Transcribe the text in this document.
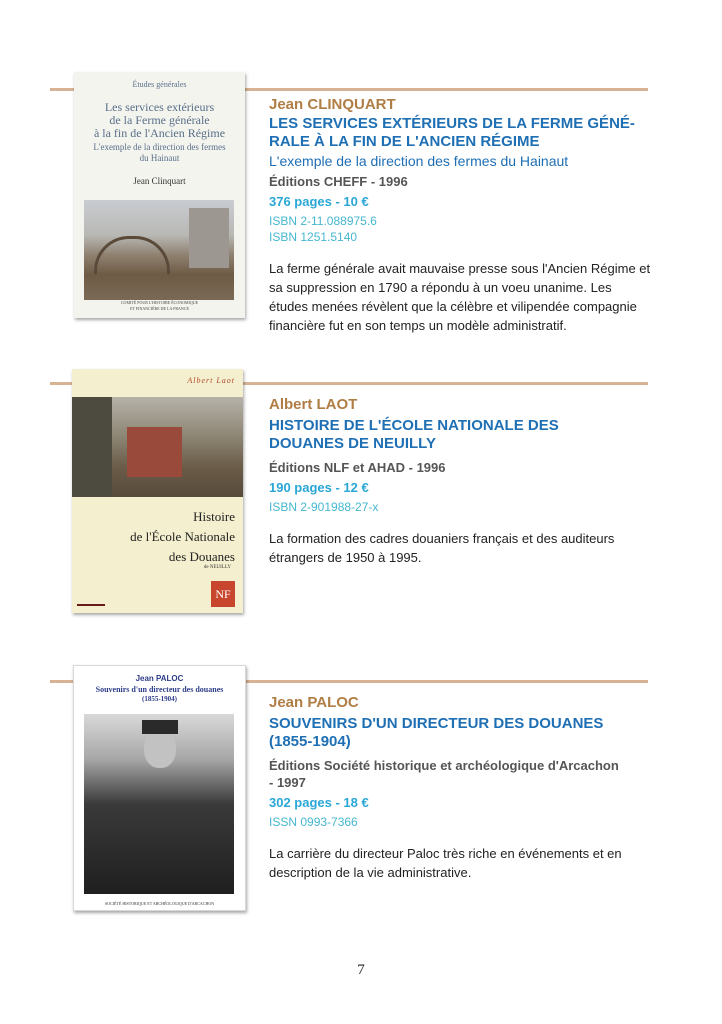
Études générales
Les services extérieurs
de la Ferme générale
à la fin de l'Ancien Régime
L'exemple de la direction des fermes
du Hainaut
Jean Clinquart
COMITÉ POUR L'HISTOIRE ÉCONOMIQUE
ET FINANCIÈRE DE LA FRANCE
Jean CLINQUART
LES SERVICES EXTÉRIEURS DE LA FERME GÉNÉ-
RALE À LA FIN DE L'ANCIEN RÉGIME
L'exemple de la direction des fermes du Hainaut
Éditions CHEFF - 1996
376 pages - 10 €
ISBN 2-11.088975.6
ISBN 1251.5140
La ferme générale avait mauvaise presse sous l'Ancien Régime et sa suppression en 1790 a répondu à un voeu unanime. Les études menées révèlent que la célèbre et vilipendée compagnie financière fut en son temps un modèle administratif.
Albert Laot
Histoire
de l'École Nationale
des Douanes
de NEUILLY
NF
Albert LAOT
HISTOIRE DE L'ÉCOLE NATIONALE DES
DOUANES DE NEUILLY
Éditions NLF et AHAD - 1996
190 pages - 12 €
ISBN 2-901988-27-x
La formation des cadres douaniers français et des auditeurs étrangers de 1950 à 1995.
Jean PALOC
Souvenirs d'un directeur des douanes
(1855-1904)
SOCIÉTÉ HISTORIQUE ET ARCHÉOLOGIQUE D'ARCACHON
Jean PALOC
SOUVENIRS D'UN DIRECTEUR DES DOUANES
(1855-1904)
Éditions Société historique et archéologique d'Arcachon
- 1997
302 pages - 18 €
ISSN 0993-7366
La carrière du directeur Paloc très riche en événements et en description de la vie administrative.
7
